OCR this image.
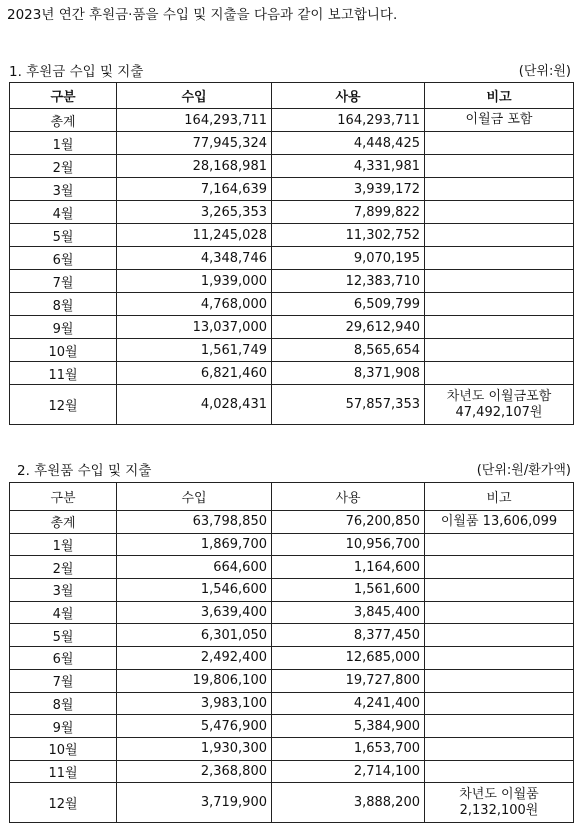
2023년 연간 후원금·품을 수입 및 지출을 다음과 같이 보고합니다.
1. 후원금 수입 및 지출	(단위:원)
구분	수입	사용	비고
총계	164,293,711	164,293,711	이월금 포함

1월	77,945,324	4,448,425	
2월	28,168,981	4,331,981	
3월	7,164,639	3,939,172	
4월	3,265,353	7,899,822	
5월	11,245,028	11,302,752	
6월	4,348,746	9,070,195	
7월	1,939,000	12,383,710	
8월	4,768,000	6,509,799	
9월	13,037,000	29,612,940	
10월	1,561,749	8,565,654	
11월	6,821,460	8,371,908	
12월	4,028,431	57,857,353	차년도 이월금포함
47,492,107원
2. 후원품 수입 및 지출	(단위:원/환가액)
구분	수입	사용	비고
총계	63,798,850	76,200,850	이월품 13,606,099

1월	1,869,700	10,956,700	
2월	664,600	1,164,600	
3월	1,546,600	1,561,600	
4월	3,639,400	3,845,400	
5월	6,301,050	8,377,450	
6월	2,492,400	12,685,000	
7월	19,806,100	19,727,800	
8월	3,983,100	4,241,400	
9월	5,476,900	5,384,900	
10월	1,930,300	1,653,700	
11월	2,368,800	2,714,100	
12월	3,719,900	3,888,200	차년도 이월품
2,132,100원
